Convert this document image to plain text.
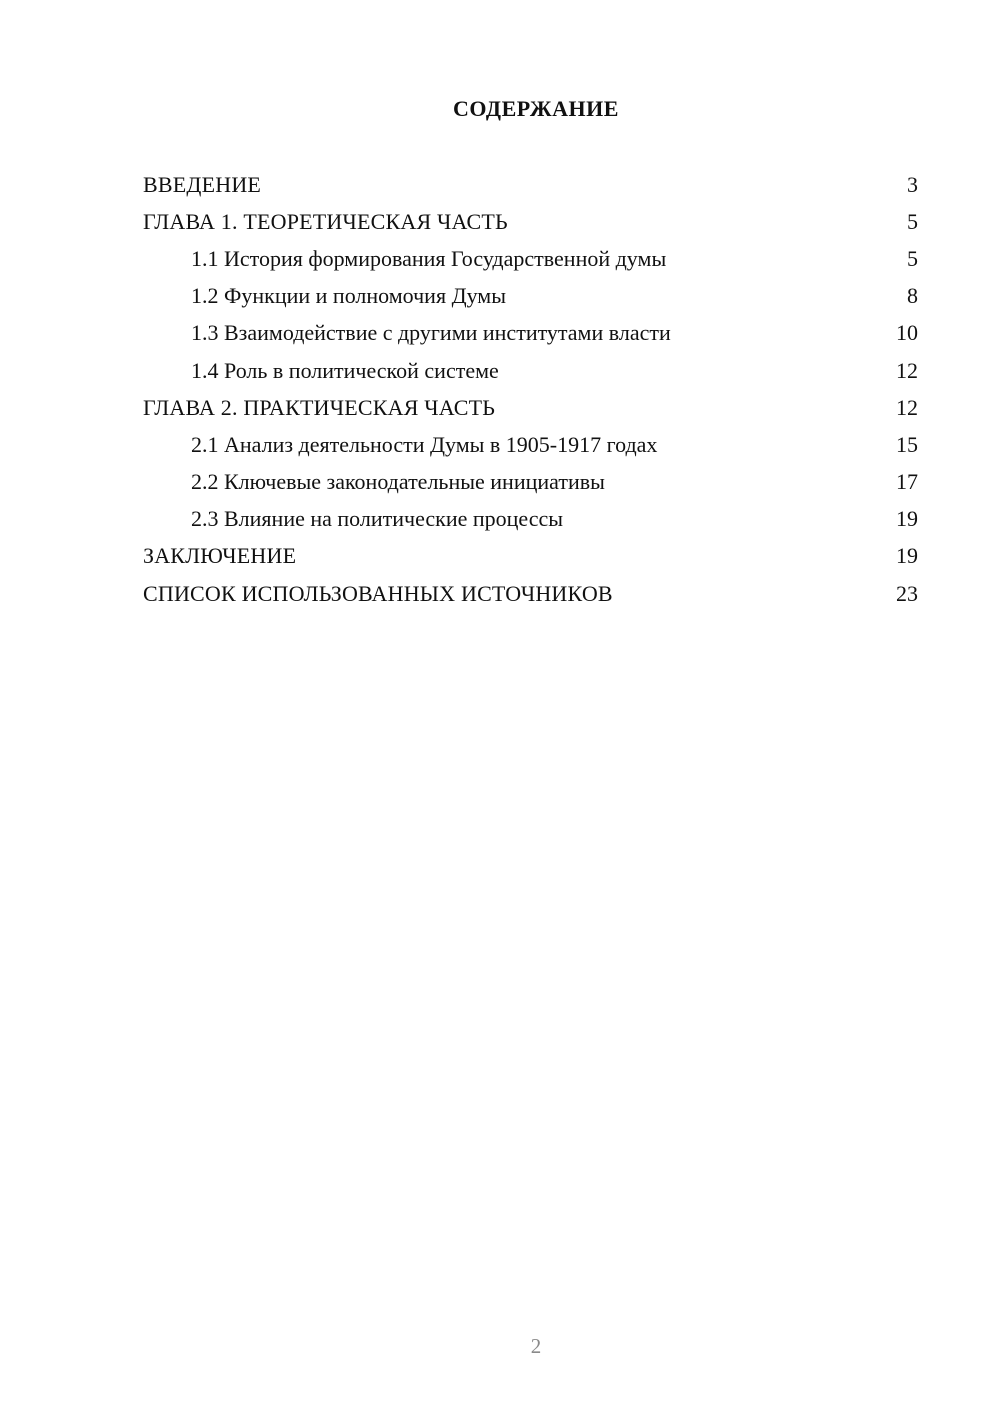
СОДЕРЖАНИЕ
ВВЕДЕНИЕ	3
ГЛАВА 1. ТЕОРЕТИЧЕСКАЯ ЧАСТЬ	5
1.1 История формирования Государственной думы	5
1.2 Функции и полномочия Думы	8
1.3 Взаимодействие с другими институтами власти	10
1.4 Роль в политической системе	12
ГЛАВА 2. ПРАКТИЧЕСКАЯ ЧАСТЬ	12
2.1 Анализ деятельности Думы в 1905-1917 годах	15
2.2 Ключевые законодательные инициативы	17
2.3 Влияние на политические процессы	19
ЗАКЛЮЧЕНИЕ	19
СПИСОК ИСПОЛЬЗОВАННЫХ ИСТОЧНИКОВ	23
2
